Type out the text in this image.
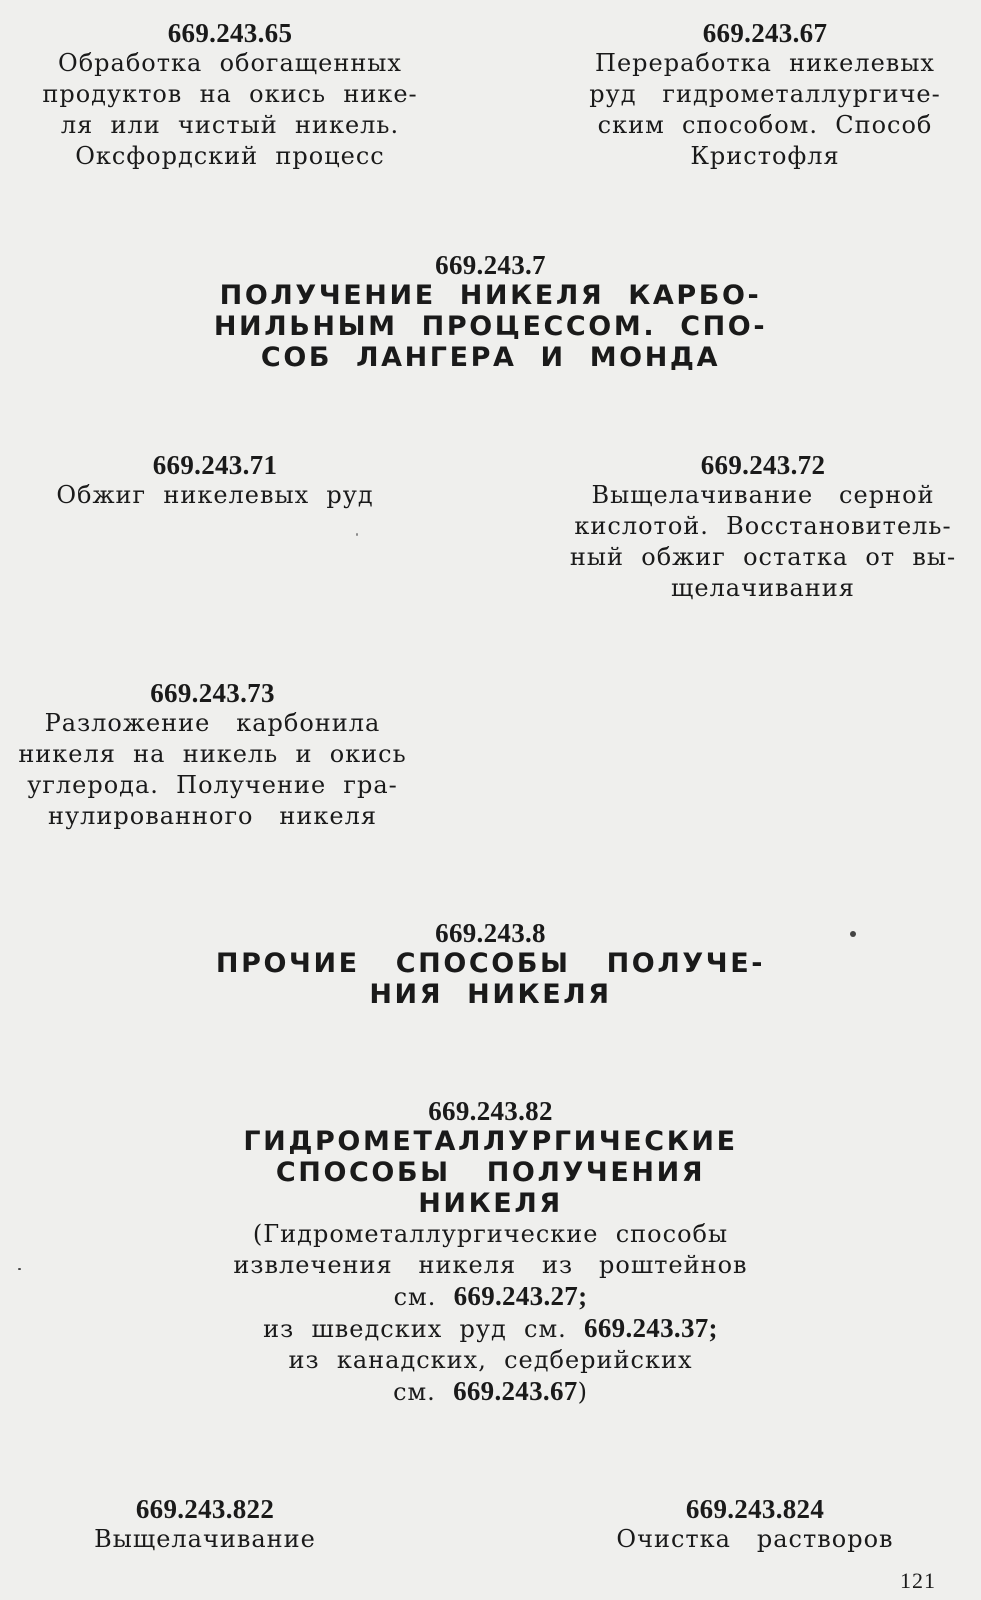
669.243.65
Обработка  обогащенных
продуктов  на  окись  нике-
ля  или  чистый  никель.
Оксфордский  процесс
669.243.67
Переработка  никелевых
руд   гидрометаллургиче-
ским  способом.  Способ
Кристофля
669.243.7
ПОЛУЧЕНИЕ  НИКЕЛЯ  КАРБО-
НИЛЬНЫМ  ПРОЦЕССОМ.  СПО-
СОБ  ЛАНГЕРА  И  МОНДА
669.243.71
Обжиг  никелевых  руд
669.243.72
Выщелачивание   серной
кислотой.  Восстановитель-
ный  обжиг  остатка  от  вы-
щелачивания
669.243.73
Разложение   карбонила
никеля  на  никель  и  окись
углерода.  Получение  гра-
нулированного   никеля
669.243.8
ПРОЧИЕ   СПОСОБЫ   ПОЛУЧЕ-
НИЯ  НИКЕЛЯ
669.243.82
ГИДРОМЕТАЛЛУРГИЧЕСКИЕ
СПОСОБЫ   ПОЛУЧЕНИЯ
НИКЕЛЯ
(Гидрометаллургические  способы
извлечения   никеля   из   роштейнов
см.  669.243.27;
из  шведских  руд  см.  669.243.37;
из  канадских,  седберийских
см.  669.243.67)
669.243.822
Выщелачивание
669.243.824
Очистка   растворов
121
